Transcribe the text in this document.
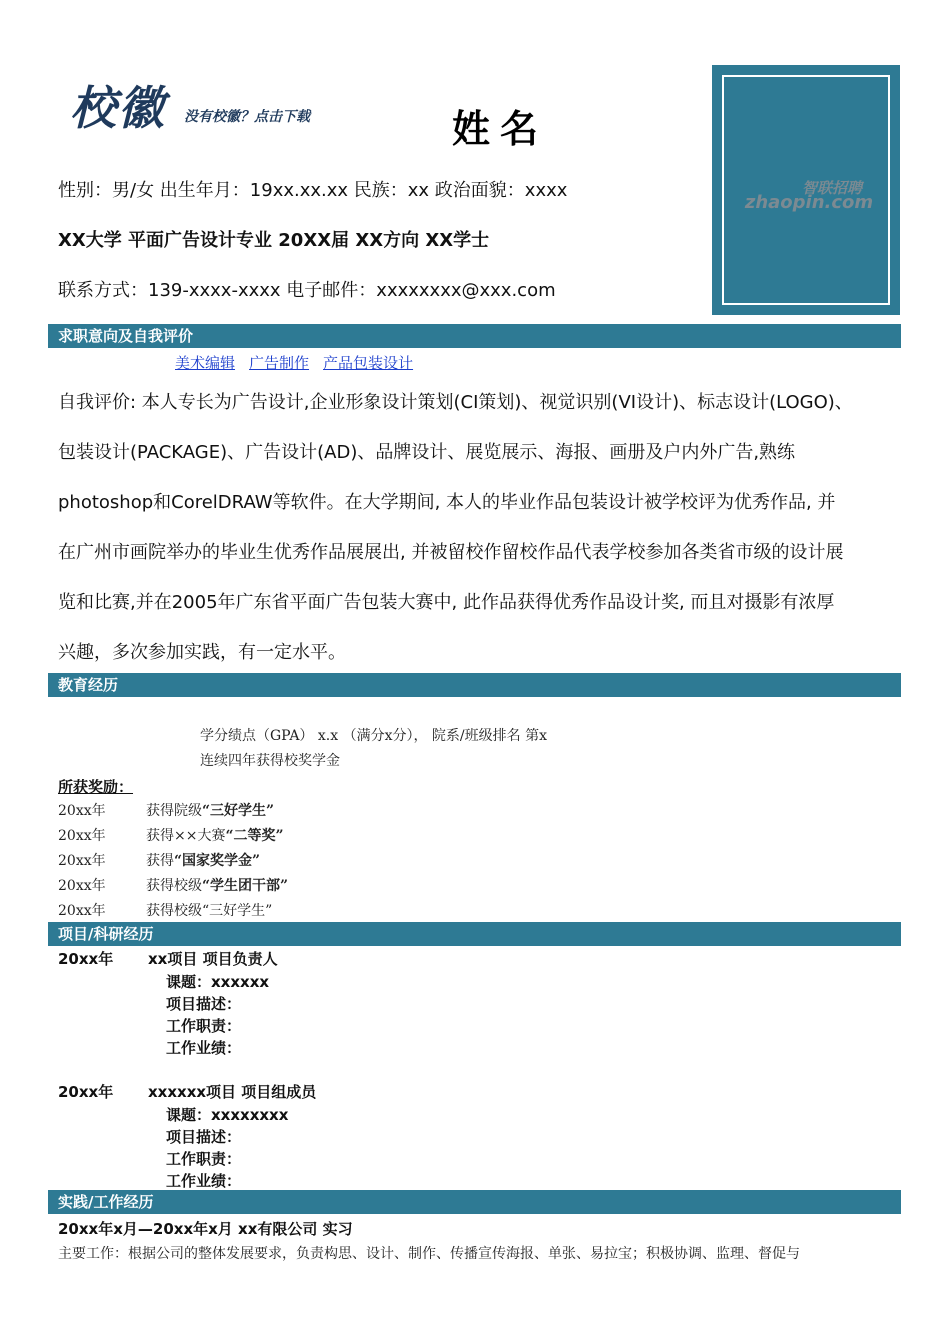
校徽 没有校徽？点击下载	姓名
性别：男/女 出生年月：19xx.xx.xx 民族：xx 政治面貌：xxxx
XX大学 平面广告设计专业 20XX届 XX方向 XX学士
联系方式：139-xxxx-xxxx 电子邮件：xxxxxxxx@xxx.com
智联招聘
zhaopin.com
求职意向及自我评价
美术编辑 广告制作 产品包装设计
自我评价: 本人专长为广告设计,企业形象设计策划(CI策划)、视觉识别(VI设计)、标志设计(LOGO)、
包装设计(PACKAGE)、广告设计(AD)、品牌设计、展览展示、海报、画册及户内外广告,熟练
photoshop和CorelDRAW等软件。在大学期间, 本人的毕业作品包装设计被学校评为优秀作品, 并
在广州市画院举办的毕业生优秀作品展展出, 并被留校作留校作品代表学校参加各类省市级的设计展
览和比赛,并在2005年广东省平面广告包装大赛中, 此作品获得优秀作品设计奖, 而且对摄影有浓厚
兴趣，多次参加实践，有一定水平。
教育经历
学分绩点（GPA） x.x （满分x分）， 院系/班级排名 第x
连续四年获得校奖学金
所获奖励：
20xx年	获得院级“三好学生”
20xx年	获得××大赛“二等奖”
20xx年	获得“国家奖学金”
20xx年	获得校级“学生团干部”
20xx年	获得校级“三好学生”
项目/科研经历
20xx年 xx项目 项目负责人
课题：xxxxxx
项目描述：
工作职责：
工作业绩：
20xx年 xxxxxx项目 项目组成员
课题：xxxxxxxx
项目描述：
工作职责：
工作业绩：
实践/工作经历
20xx年x月—20xx年x月 xx有限公司 实习
主要工作：根据公司的整体发展要求，负责构思、设计、制作、传播宣传海报、单张、易拉宝；积极协调、监理、督促与
